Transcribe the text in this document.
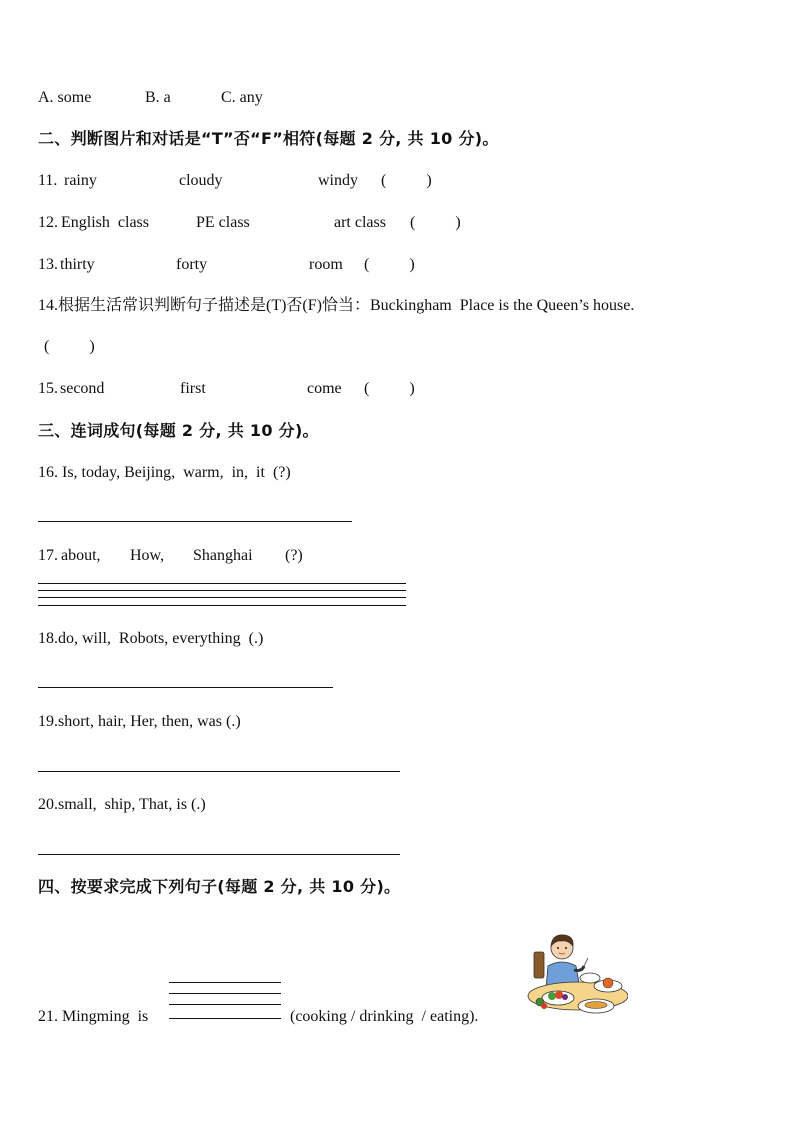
A. some	B. a	C. any
二、判断图片和对话是“T”否“F”相符(每题 2 分, 共 10 分)。
11. rainy	cloudy	windy (          )
12. English  class	PE class	art class (          )
13. thirty	forty	room (          )
14.根据生活常识判断句子描述是(T)否(F)恰当：Buckingham  Place is the Queen’s house.
(          )
15. second	first	come (          )
三、连词成句(每题 2 分, 共 10 分)。
16. Is, today, Beijing,  warm,  in,  it  (?)
17. about, How, Shanghai (?)
18.do, will,  Robots, everything  (.)
19.short, hair, Her, then, was (.)
20.small,  ship, That, is (.)
四、按要求完成下列句子(每题 2 分, 共 10 分)。
21. Mingming  is	(cooking / drinking  / eating).
